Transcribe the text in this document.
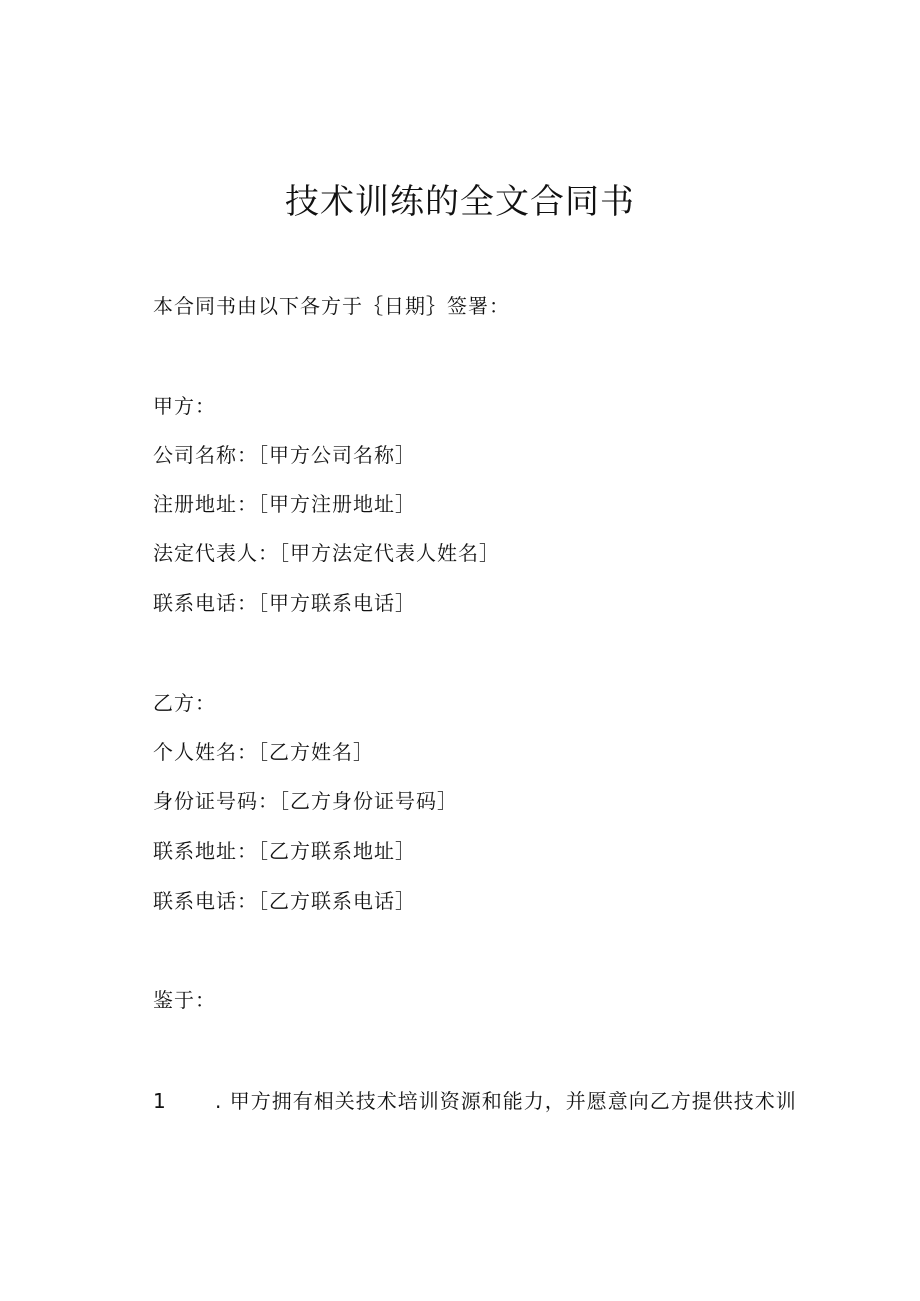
技术训练的全文合同书
本合同书由以下各方于｛日期｝签署：
甲方：
公司名称：［甲方公司名称］
注册地址：［甲方注册地址］
法定代表人：［甲方法定代表人姓名］
联系电话：［甲方联系电话］
乙方：
个人姓名：［乙方姓名］
身份证号码：［乙方身份证号码］
联系地址：［乙方联系地址］
联系电话：［乙方联系电话］
鉴于：
1 . 甲方拥有相关技术培训资源和能力，并愿意向乙方提供技术训
